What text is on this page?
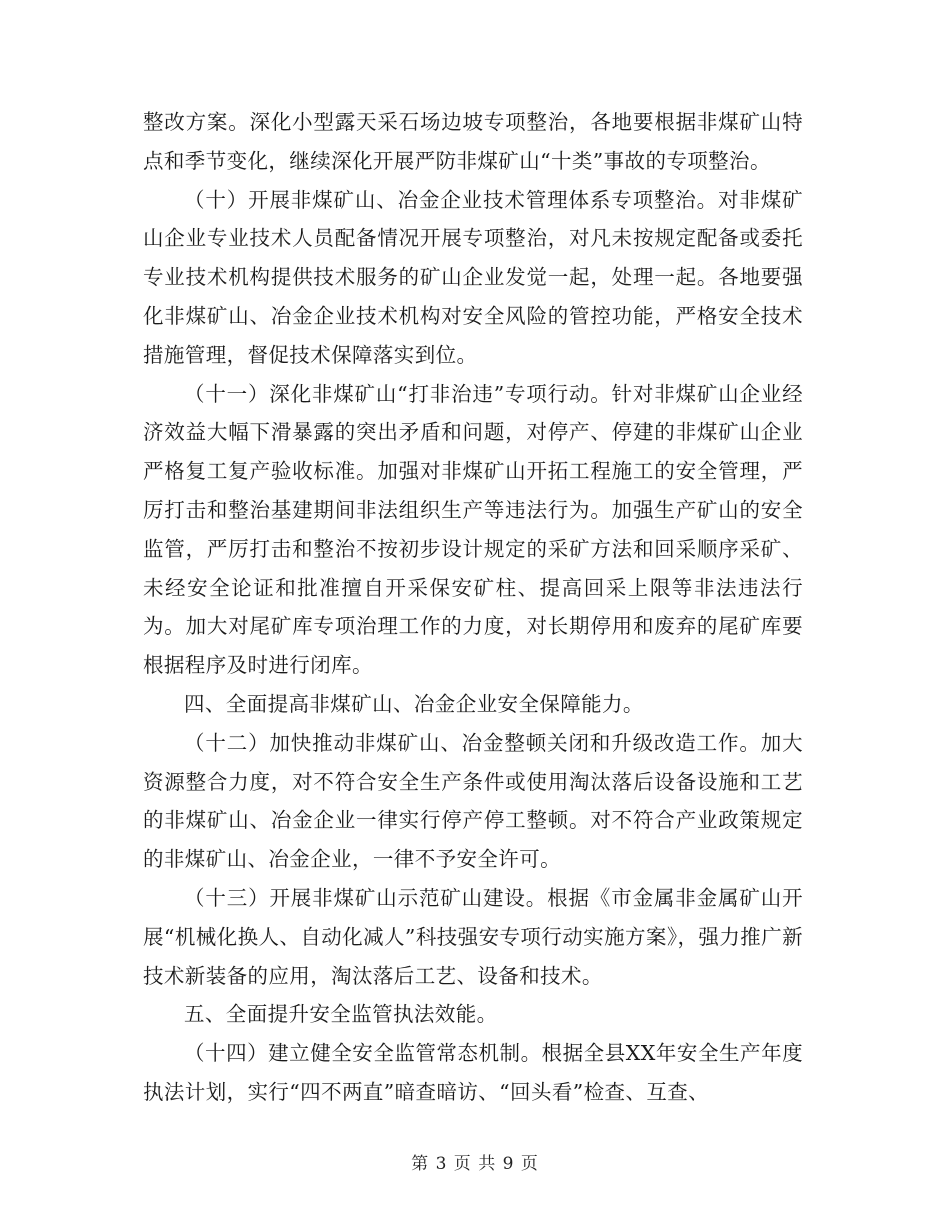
整改方案。深化小型露天采石场边坡专项整治，各地要根据非煤矿山特点和季节变化，继续深化开展严防非煤矿山“十类”事故的专项整治。

（十）开展非煤矿山、冶金企业技术管理体系专项整治。对非煤矿山企业专业技术人员配备情况开展专项整治，对凡未按规定配备或委托专业技术机构提供技术服务的矿山企业发觉一起，处理一起。各地要强化非煤矿山、冶金企业技术机构对安全风险的管控功能，严格安全技术措施管理，督促技术保障落实到位。

（十一）深化非煤矿山“打非治违”专项行动。针对非煤矿山企业经济效益大幅下滑暴露的突出矛盾和问题，对停产、停建的非煤矿山企业严格复工复产验收标准。加强对非煤矿山开拓工程施工的安全管理，严厉打击和整治基建期间非法组织生产等违法行为。加强生产矿山的安全监管，严厉打击和整治不按初步设计规定的采矿方法和回采顺序采矿、未经安全论证和批准擅自开采保安矿柱、提高回采上限等非法违法行为。加大对尾矿库专项治理工作的力度，对长期停用和废弃的尾矿库要根据程序及时进行闭库。

四、全面提高非煤矿山、冶金企业安全保障能力。

（十二）加快推动非煤矿山、冶金整顿关闭和升级改造工作。加大资源整合力度，对不符合安全生产条件或使用淘汰落后设备设施和工艺的非煤矿山、冶金企业一律实行停产停工整顿。对不符合产业政策规定的非煤矿山、冶金企业，一律不予安全许可。

（十三）开展非煤矿山示范矿山建设。根据《市金属非金属矿山开展“机械化换人、自动化减人”科技强安专项行动实施方案》，强力推广新技术新装备的应用，淘汰落后工艺、设备和技术。

五、全面提升安全监管执法效能。

（十四）建立健全安全监管常态机制。根据全县XX年安全生产年度执法计划，实行“四不两直”暗查暗访、“回头看”检查、互查、

第 3 页 共 9 页
